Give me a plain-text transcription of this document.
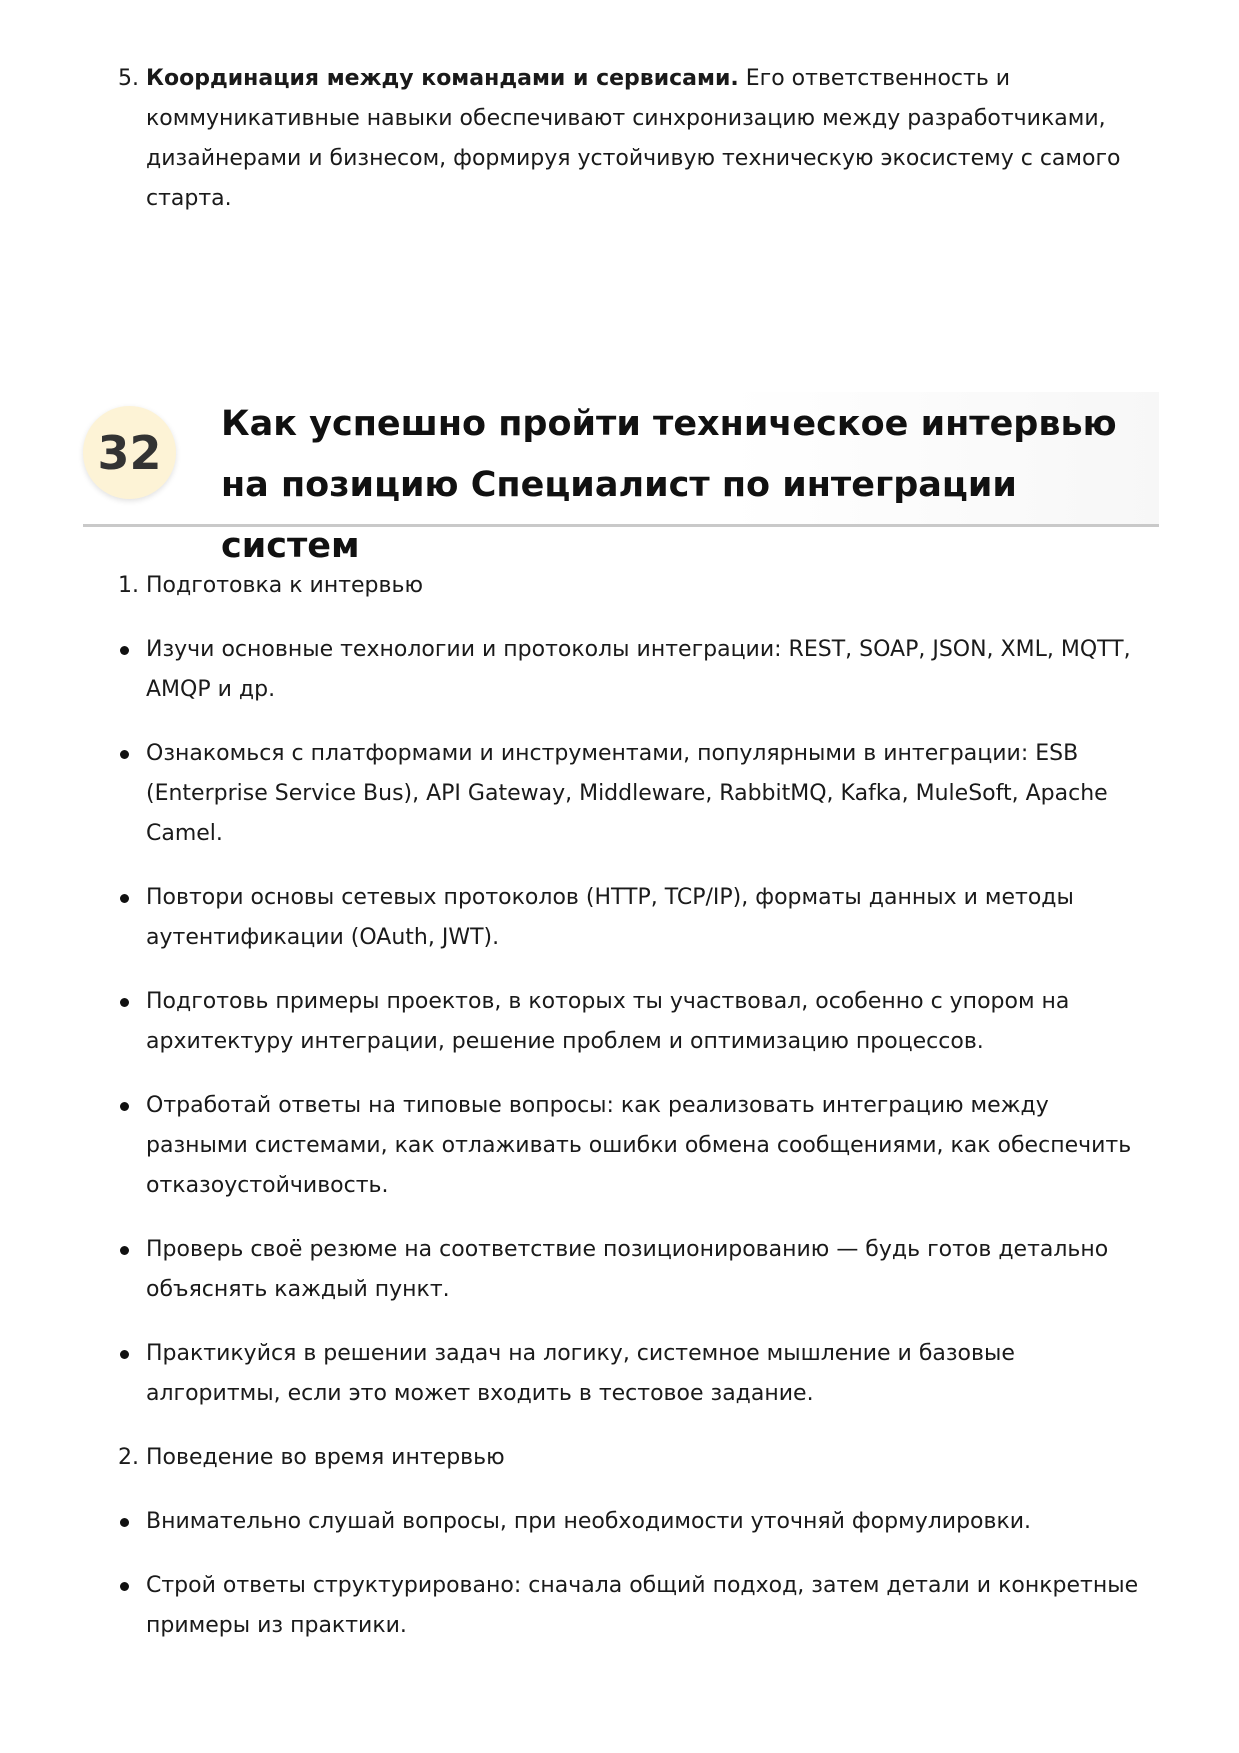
5. Координация между командами и сервисами. Его ответственность и коммуникативные навыки обеспечивают синхронизацию между разработчиками, дизайнерами и бизнесом, формируя устойчивую техническую экосистему с самого старта.
32
Как успешно пройти техническое интервью на позицию Специалист по интеграции систем
1. Подготовка к интервью
Изучи основные технологии и протоколы интеграции: REST, SOAP, JSON, XML, MQTT, AMQP и др.
Ознакомься с платформами и инструментами, популярными в интеграции: ESB (Enterprise Service Bus), API Gateway, Middleware, RabbitMQ, Kafka, MuleSoft, Apache Camel.
Повтори основы сетевых протоколов (HTTP, TCP/IP), форматы данных и методы аутентификации (OAuth, JWT).
Подготовь примеры проектов, в которых ты участвовал, особенно с упором на архитектуру интеграции, решение проблем и оптимизацию процессов.
Отработай ответы на типовые вопросы: как реализовать интеграцию между разными системами, как отлаживать ошибки обмена сообщениями, как обеспечить отказоустойчивость.
Проверь своё резюме на соответствие позиционированию — будь готов детально объяснять каждый пункт.
Практикуйся в решении задач на логику, системное мышление и базовые алгоритмы, если это может входить в тестовое задание.
2. Поведение во время интервью
Внимательно слушай вопросы, при необходимости уточняй формулировки.
Строй ответы структурировано: сначала общий подход, затем детали и конкретные примеры из практики.
